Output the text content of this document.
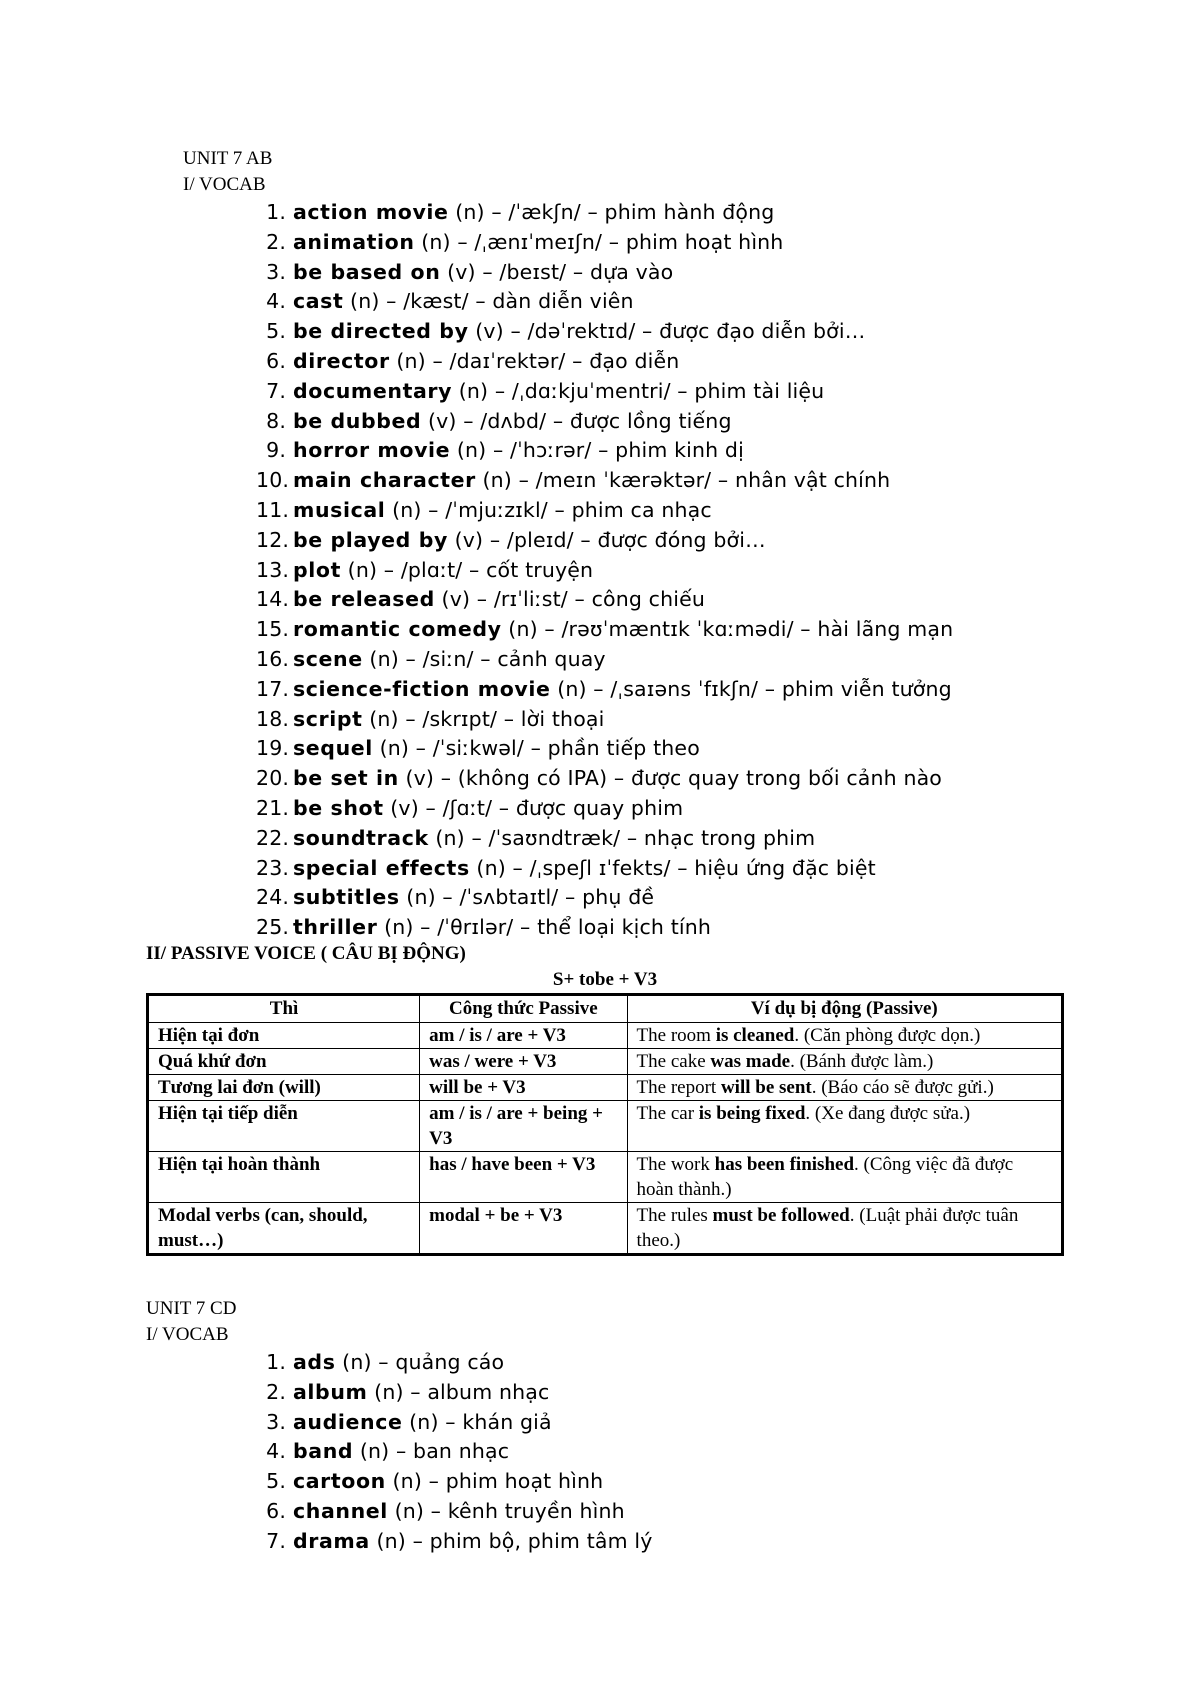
UNIT 7 AB
I/ VOCAB
1. action movie (n) – /ˈækʃn/ – phim hành động
2. animation (n) – /ˌænɪˈmeɪʃn/ – phim hoạt hình
3. be based on (v) – /beɪst/ – dựa vào
4. cast (n) – /kæst/ – dàn diễn viên
5. be directed by (v) – /dəˈrektɪd/ – được đạo diễn bởi…
6. director (n) – /daɪˈrektər/ – đạo diễn
7. documentary (n) – /ˌdɑːkjuˈmentri/ – phim tài liệu
8. be dubbed (v) – /dʌbd/ – được lồng tiếng
9. horror movie (n) – /ˈhɔːrər/ – phim kinh dị
10. main character (n) – /meɪn ˈkærəktər/ – nhân vật chính
11. musical (n) – /ˈmjuːzɪkl/ – phim ca nhạc
12. be played by (v) – /pleɪd/ – được đóng bởi…
13. plot (n) – /plɑːt/ – cốt truyện
14. be released (v) – /rɪˈliːst/ – công chiếu
15. romantic comedy (n) – /rəʊˈmæntɪk ˈkɑːmədi/ – hài lãng mạn
16. scene (n) – /siːn/ – cảnh quay
17. science-fiction movie (n) – /ˌsaɪəns ˈfɪkʃn/ – phim viễn tưởng
18. script (n) – /skrɪpt/ – lời thoại
19. sequel (n) – /ˈsiːkwəl/ – phần tiếp theo
20. be set in (v) – (không có IPA) – được quay trong bối cảnh nào
21. be shot (v) – /ʃɑːt/ – được quay phim
22. soundtrack (n) – /ˈsaʊndtræk/ – nhạc trong phim
23. special effects (n) – /ˌspeʃl ɪˈfekts/ – hiệu ứng đặc biệt
24. subtitles (n) – /ˈsʌbtaɪtl/ – phụ đề
25. thriller (n) – /ˈθrɪlər/ – thể loại kịch tính
II/ PASSIVE VOICE ( CÂU BỊ ĐỘNG)
S+ tobe + V3
Thì	Công thức Passive	Ví dụ bị động (Passive)
Hiện tại đơn	am / is / are + V3	The room is cleaned. (Căn phòng được dọn.)
Quá khứ đơn	was / were + V3	The cake was made. (Bánh được làm.)
Tương lai đơn (will)	will be + V3	The report will be sent. (Báo cáo sẽ được gửi.)
Hiện tại tiếp diễn	am / is / are + being + V3	The car is being fixed. (Xe đang được sửa.)
Hiện tại hoàn thành	has / have been + V3	The work has been finished. (Công việc đã được hoàn thành.)
Modal verbs (can, should, must…)	modal + be + V3	The rules must be followed. (Luật phải được tuân theo.)
UNIT 7 CD
I/ VOCAB
1. ads (n) – quảng cáo
2. album (n) – album nhạc
3. audience (n) – khán giả
4. band (n) – ban nhạc
5. cartoon (n) – phim hoạt hình
6. channel (n) – kênh truyền hình
7. drama (n) – phim bộ, phim tâm lý
